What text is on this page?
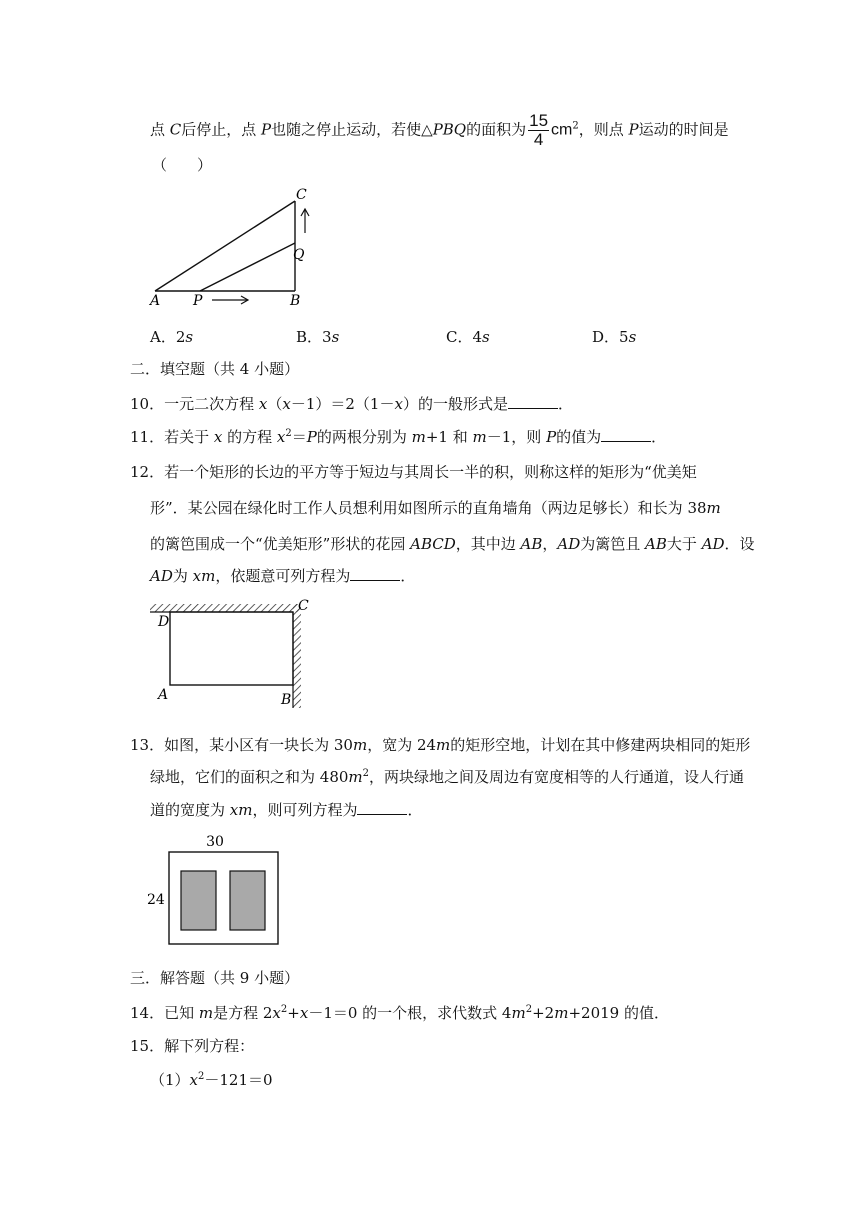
点 C后停止，点 P也随之停止运动，若使△PBQ的面积为 $\frac{15}{4} cm^2$，则点 P运动的时间是
（　　）
A P	B
Q
C
A．2s	B．3s	C．4s	D．5s
二．填空题（共 4 小题）
10．一元二次方程 x（x－1）＝2（1－x）的一般形式是	．
11．若关于 x 的方程 $x^2=P$的两根分别为 m+1 和 m－1，则 P的值为	．
12．若一个矩形的长边的平方等于短边与其周长一半的积，则称这样的矩形为“优美矩
形”．某公园在绿化时工作人员想利用如图所示的直角墙角（两边足够长）和长为 38m
的篱笆围成一个“优美矩形”形状的花园 ABCD，其中边 AB，AD为篱笆且 AB大于 AD．设
AD为 xm，依题意可列方程为	．
D
C
A	B
13．如图，某小区有一块长为 30m，宽为 24m的矩形空地，计划在其中修建两块相同的矩形
绿地，它们的面积之和为 $480m^2$，两块绿地之间及周边有宽度相等的人行通道，设人行通
道的宽度为 xm，则可列方程为	．
30
24
三．解答题（共 9 小题）
14．已知 m是方程 $2x^2+x-1=0$ 的一个根，求代数式 $4m^2+2m+2019$ 的值．
15．解下列方程：
$(1)x^2-121=0$
